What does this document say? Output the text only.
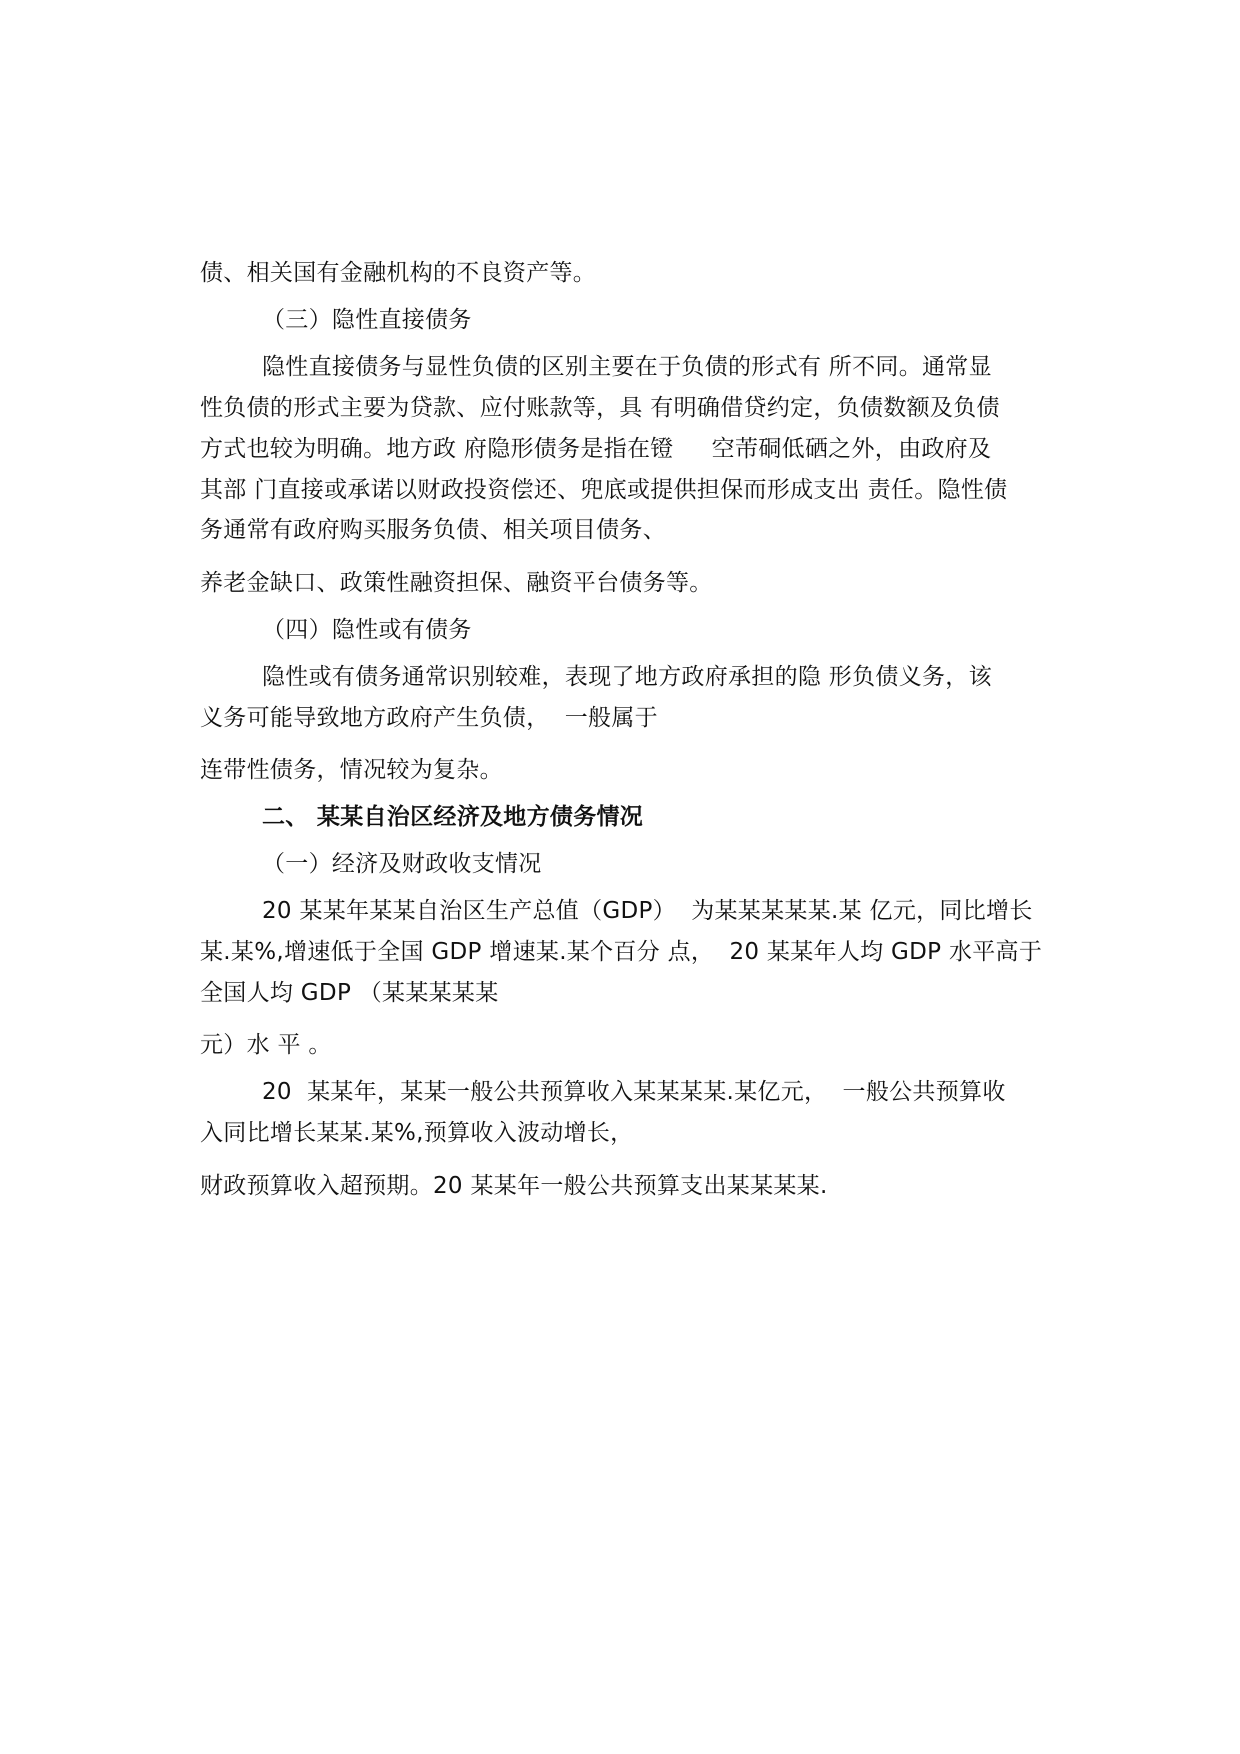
债、相关国有金融机构的不良资产等。
（三）隐性直接债务
隐性直接债务与显性负债的区别主要在于负债的形式有 所不同。通常显
性负债的形式主要为贷款、应付账款等，具 有明确借贷约定，负债数额及负债
方式也较为明确。地方政 府隐形债务是指在镫     空芾硐低硒之外，由政府及
其部 门直接或承诺以财政投资偿还、兜底或提供担保而形成支出 责任。隐性债
务通常有政府购买服务负债、相关项目债务、
养老金缺口、政策性融资担保、融资平台债务等。
（四）隐性或有债务
隐性或有债务通常识别较难，表现了地方政府承担的隐 形负债义务，该
义务可能导致地方政府产生负债，  一般属于
连带性债务，情况较为复杂。
二、 某某自治区经济及地方债务情况
（一）经济及财政收支情况
20 某某年某某自治区生产总值（GDP）  为某某某某某.某 亿元，同比增长
某.某%,增速低于全国 GDP 增速某.某个百分 点，  20 某某年人均 GDP 水平高于
全国人均 GDP （某某某某某
元）水 平 。
20  某某年，某某一般公共预算收入某某某某.某亿元，  一般公共预算收
入同比增长某某.某%,预算收入波动增长，
财政预算收入超预期。20 某某年一般公共预算支出某某某某.
